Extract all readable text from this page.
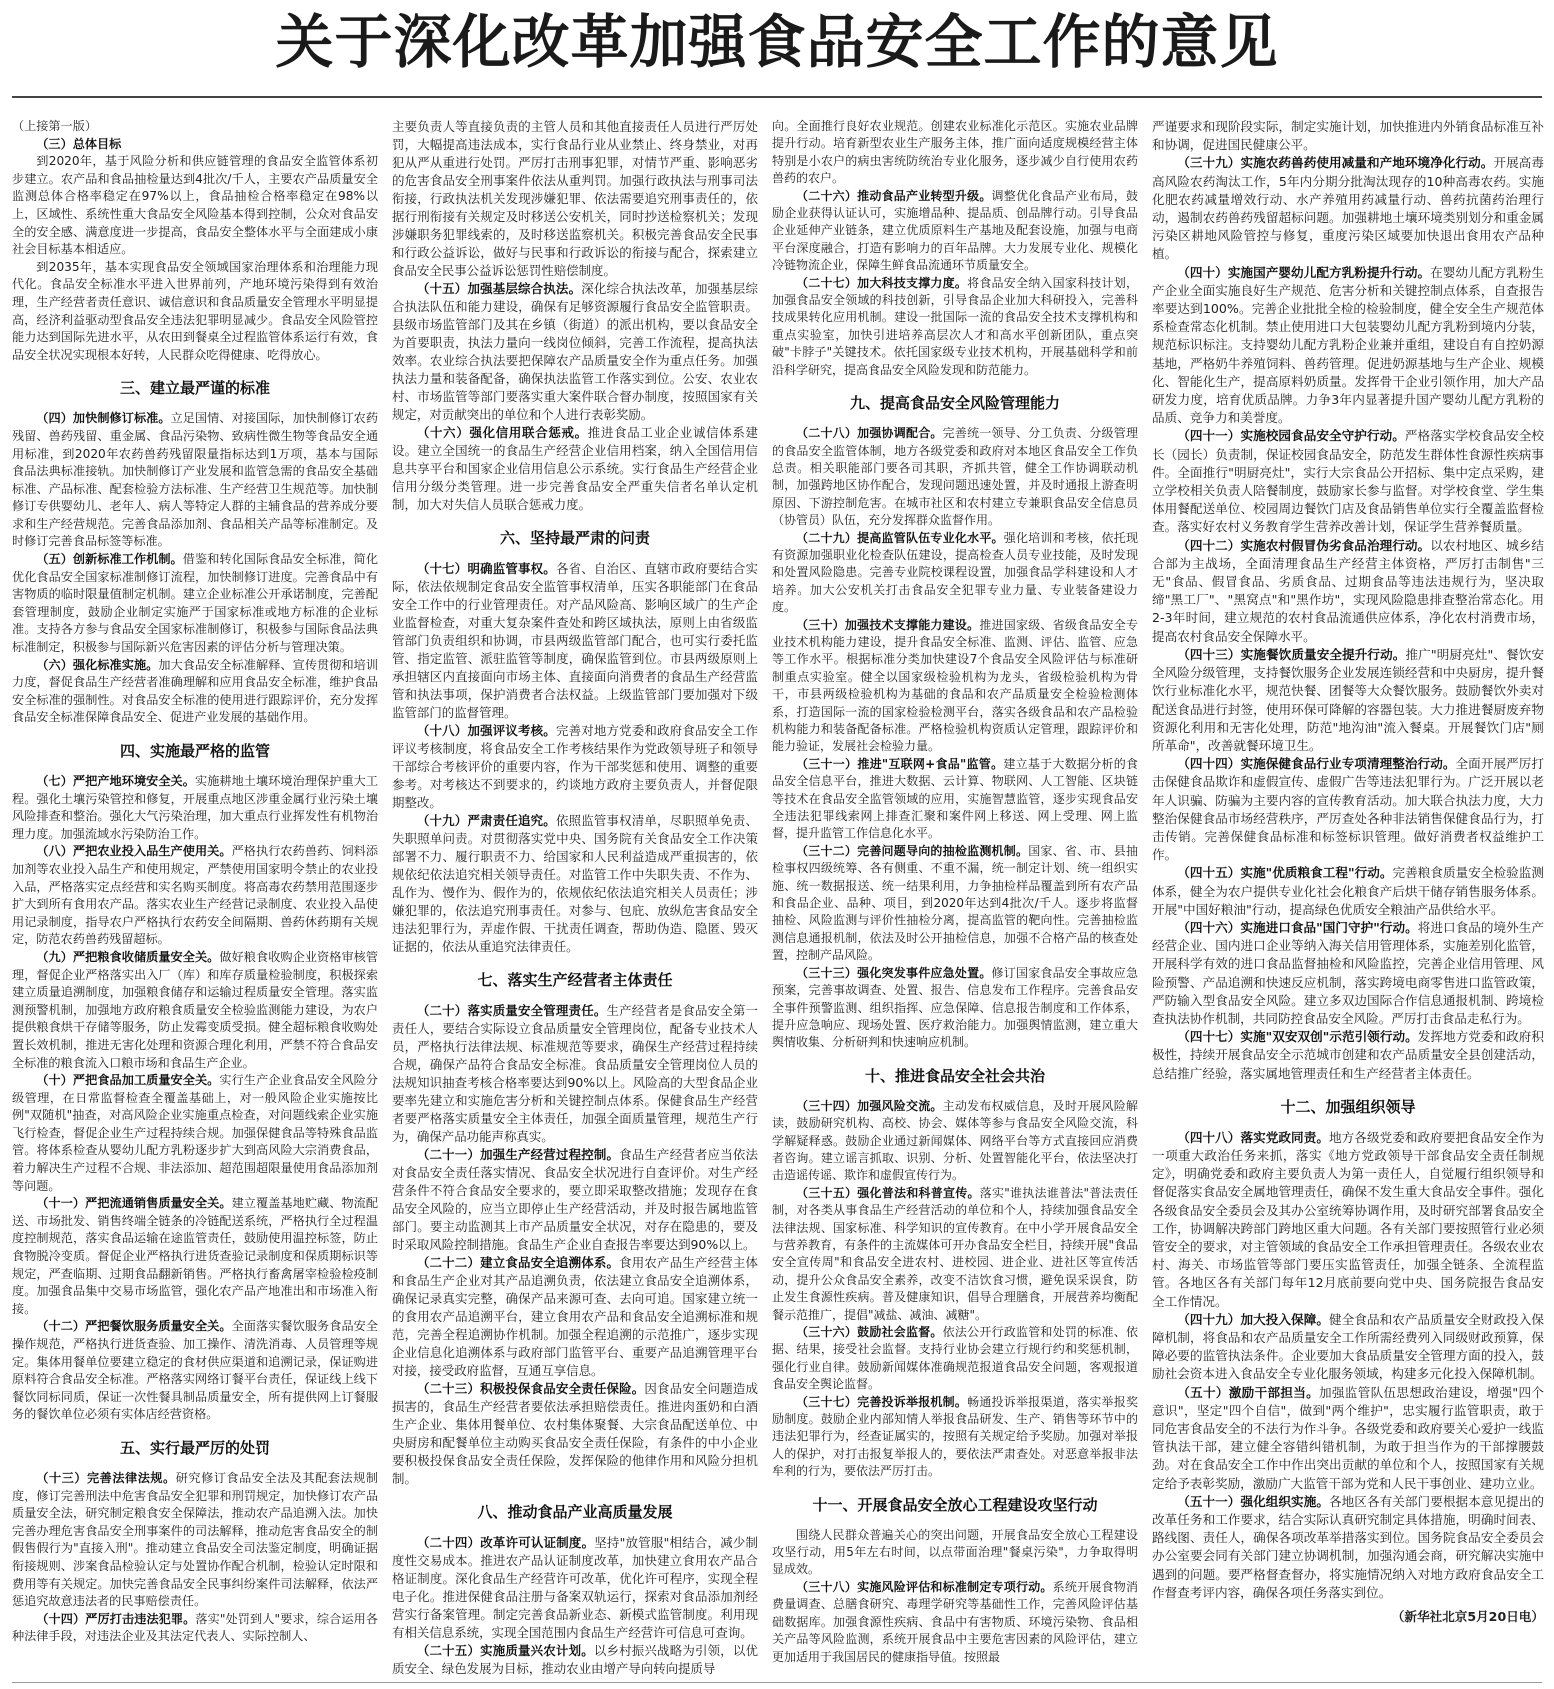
关于深化改革加强食品安全工作的意见

（上接第一版）

（三）总体目标

到2020年，基于风险分析和供应链管理的食品安全监管体系初步建立。农产品和食品抽检量达到4批次/千人，主要农产品质量安全监测总体合格率稳定在97%以上，食品抽检合格率稳定在98%以上，区域性、系统性重大食品安全风险基本得到控制，公众对食品安全的安全感、满意度进一步提高，食品安全整体水平与全面建成小康社会目标基本相适应。

到2035年，基本实现食品安全领域国家治理体系和治理能力现代化。食品安全标准水平进入世界前列，产地环境污染得到有效治理，生产经营者责任意识、诚信意识和食品质量安全管理水平明显提高，经济利益驱动型食品安全违法犯罪明显减少。食品安全风险管控能力达到国际先进水平，从农田到餐桌全过程监管体系运行有效，食品安全状况实现根本好转，人民群众吃得健康、吃得放心。

三、建立最严谨的标准

（四）加快制修订标准。立足国情、对接国际，加快制修订农药残留、兽药残留、重金属、食品污染物、致病性微生物等食品安全通用标准，到2020年农药兽药残留限量指标达到1万项，基本与国际食品法典标准接轨。加快制修订产业发展和监管急需的食品安全基础标准、产品标准、配套检验方法标准、生产经营卫生规范等。加快制修订专供婴幼儿、老年人、病人等特定人群的主辅食品的营养成分要求和生产经营规范。完善食品添加剂、食品相关产品等标准制定。及时修订完善食品标签等标准。

（五）创新标准工作机制。借鉴和转化国际食品安全标准，简化优化食品安全国家标准制修订流程，加快制修订进度。完善食品中有害物质的临时限量值制定机制。建立企业标准公开承诺制度，完善配套管理制度，鼓励企业制定实施严于国家标准或地方标准的企业标准。支持各方参与食品安全国家标准制修订，积极参与国际食品法典标准制定，积极参与国际新兴危害因素的评估分析与管理决策。

（六）强化标准实施。加大食品安全标准解释、宣传贯彻和培训力度，督促食品生产经营者准确理解和应用食品安全标准，维护食品安全标准的强制性。对食品安全标准的使用进行跟踪评价，充分发挥食品安全标准保障食品安全、促进产业发展的基础作用。

四、实施最严格的监管

（七）严把产地环境安全关。实施耕地土壤环境治理保护重大工程。强化土壤污染管控和修复，开展重点地区涉重金属行业污染土壤风险排查和整治。强化大气污染治理，加大重点行业挥发性有机物治理力度。加强流域水污染防治工作。

（八）严把农业投入品生产使用关。严格执行农药兽药、饲料添加剂等农业投入品生产和使用规定，严禁使用国家明令禁止的农业投入品，严格落实定点经营和实名购买制度。将高毒农药禁用范围逐步扩大到所有食用农产品。落实农业生产经营记录制度、农业投入品使用记录制度，指导农户严格执行农药安全间隔期、兽药休药期有关规定，防范农药兽药残留超标。

（九）严把粮食收储质量安全关。做好粮食收购企业资格审核管理，督促企业严格落实出入厂（库）和库存质量检验制度，积极探索建立质量追溯制度，加强粮食储存和运输过程质量安全管理。落实监测预警机制，加强地方政府粮食质量安全检验监测能力建设，为农户提供粮食烘干存储等服务，防止发霉变质受损。健全超标粮食收购处置长效机制，推进无害化处理和资源合理化利用，严禁不符合食品安全标准的粮食流入口粮市场和食品生产企业。

（十）严把食品加工质量安全关。实行生产企业食品安全风险分级管理，在日常监督检查全覆盖基础上，对一般风险企业实施按比例"双随机"抽查，对高风险企业实施重点检查，对问题线索企业实施飞行检查，督促企业生产过程持续合规。加强保健食品等特殊食品监管。将体系检查从婴幼儿配方乳粉逐步扩大到高风险大宗消费食品，着力解决生产过程不合规、非法添加、超范围超限量使用食品添加剂等问题。

（十一）严把流通销售质量安全关。建立覆盖基地贮藏、物流配送、市场批发、销售终端全链条的冷链配送系统，严格执行全过程温度控制规范，落实食品运输在途监管责任，鼓励使用温控标签，防止食物脱冷变质。督促企业严格执行进货查验记录制度和保质期标识等规定，严查临期、过期食品翻新销售。严格执行畜禽屠宰检验检疫制度。加强食品集中交易市场监管，强化农产品产地准出和市场准入衔接。

（十二）严把餐饮服务质量安全关。全面落实餐饮服务食品安全操作规范，严格执行进货查验、加工操作、清洗消毒、人员管理等规定。集体用餐单位要建立稳定的食材供应渠道和追溯记录，保证购进原料符合食品安全标准。严格落实网络订餐平台责任，保证线上线下餐饮同标同质，保证一次性餐具制品质量安全，所有提供网上订餐服务的餐饮单位必须有实体店经营资格。

五、实行最严厉的处罚

（十三）完善法律法规。研究修订食品安全法及其配套法规制度，修订完善刑法中危害食品安全犯罪和刑罚规定，加快修订农产品质量安全法，研究制定粮食安全保障法，推动农产品追溯入法。加快完善办理危害食品安全刑事案件的司法解释，推动危害食品安全的制假售假行为"直接入刑"。推动建立食品安全司法鉴定制度，明确证据衔接规则、涉案食品检验认定与处置协作配合机制，检验认定时限和费用等有关规定。加快完善食品安全民事纠纷案件司法解释，依法严惩追究故意违法者的民事赔偿责任。

（十四）严厉打击违法犯罪。落实"处罚到人"要求，综合运用各种法律手段，对违法企业及其法定代表人、实际控制人、

主要负责人等直接负责的主管人员和其他直接责任人员进行严厉处罚，大幅提高违法成本，实行食品行业从业禁止、终身禁业，对再犯从严从重进行处罚。严厉打击刑事犯罪，对情节严重、影响恶劣的危害食品安全刑事案件依法从重判罚。加强行政执法与刑事司法衔接，行政执法机关发现涉嫌犯罪、依法需要追究刑事责任的，依据行刑衔接有关规定及时移送公安机关，同时抄送检察机关；发现涉嫌职务犯罪线索的，及时移送监察机关。积极完善食品安全民事和行政公益诉讼，做好与民事和行政诉讼的衔接与配合，探索建立食品安全民事公益诉讼惩罚性赔偿制度。

（十五）加强基层综合执法。深化综合执法改革，加强基层综合执法队伍和能力建设，确保有足够资源履行食品安全监管职责。县级市场监管部门及其在乡镇（街道）的派出机构，要以食品安全为首要职责，执法力量向一线岗位倾斜，完善工作流程，提高执法效率。农业综合执法要把保障农产品质量安全作为重点任务。加强执法力量和装备配备，确保执法监管工作落实到位。公安、农业农村、市场监管等部门要落实重大案件联合督办制度，按照国家有关规定，对贡献突出的单位和个人进行表彰奖励。

（十六）强化信用联合惩戒。推进食品工业企业诚信体系建设。建立全国统一的食品生产经营企业信用档案，纳入全国信用信息共享平台和国家企业信用信息公示系统。实行食品生产经营企业信用分级分类管理。进一步完善食品安全严重失信者名单认定机制，加大对失信人员联合惩戒力度。

六、坚持最严肃的问责

（十七）明确监管事权。各省、自治区、直辖市政府要结合实际，依法依规制定食品安全监管事权清单，压实各职能部门在食品安全工作中的行业管理责任。对产品风险高、影响区域广的生产企业监督检查，对重大复杂案件查处和跨区域执法，原则上由省级监管部门负责组织和协调，市县两级监管部门配合，也可实行委托监管、指定监管、派驻监管等制度，确保监管到位。市县两级原则上承担辖区内直接面向市场主体、直接面向消费者的食品生产经营监管和执法事项，保护消费者合法权益。上级监管部门要加强对下级监管部门的监督管理。

（十八）加强评议考核。完善对地方党委和政府食品安全工作评议考核制度，将食品安全工作考核结果作为党政领导班子和领导干部综合考核评价的重要内容，作为干部奖惩和使用、调整的重要参考。对考核达不到要求的，约谈地方政府主要负责人，并督促限期整改。

（十九）严肃责任追究。依照监管事权清单，尽职照单免责、失职照单问责。对贯彻落实党中央、国务院有关食品安全工作决策部署不力、履行职责不力、给国家和人民利益造成严重损害的，依规依纪依法追究相关领导责任。对监管工作中失职失责、不作为、乱作为、慢作为、假作为的，依规依纪依法追究相关人员责任；涉嫌犯罪的，依法追究刑事责任。对参与、包庇、放纵危害食品安全违法犯罪行为，弄虚作假、干扰责任调查，帮助伪造、隐匿、毁灭证据的，依法从重追究法律责任。

七、落实生产经营者主体责任

（二十）落实质量安全管理责任。生产经营者是食品安全第一责任人，要结合实际设立食品质量安全管理岗位，配备专业技术人员，严格执行法律法规、标准规范等要求，确保生产经营过程持续合规，确保产品符合食品安全标准。食品质量安全管理岗位人员的法规知识抽查考核合格率要达到90%以上。风险高的大型食品企业要率先建立和实施危害分析和关键控制点体系。保健食品生产经营者要严格落实质量安全主体责任，加强全面质量管理，规范生产行为，确保产品功能声称真实。

（二十一）加强生产经营过程控制。食品生产经营者应当依法对食品安全责任落实情况、食品安全状况进行自查评价。对生产经营条件不符合食品安全要求的，要立即采取整改措施；发现存在食品安全风险的，应当立即停止生产经营活动，并及时报告属地监管部门。要主动监测其上市产品质量安全状况，对存在隐患的，要及时采取风险控制措施。食品生产企业自查报告率要达到90%以上。

（二十二）建立食品安全追溯体系。食用农产品生产经营主体和食品生产企业对其产品追溯负责，依法建立食品安全追溯体系，确保记录真实完整，确保产品来源可查、去向可追。国家建立统一的食用农产品追溯平台，建立食用农产品和食品安全追溯标准和规范，完善全程追溯协作机制。加强全程追溯的示范推广，逐步实现企业信息化追溯体系与政府部门监管平台、重要产品追溯管理平台对接，接受政府监督，互通互享信息。

（二十三）积极投保食品安全责任保险。因食品安全问题造成损害的，食品生产经营者要依法承担赔偿责任。推进肉蛋奶和白酒生产企业、集体用餐单位、农村集体聚餐、大宗食品配送单位、中央厨房和配餐单位主动购买食品安全责任保险，有条件的中小企业要积极投保食品安全责任保险，发挥保险的他律作用和风险分担机制。

八、推动食品产业高质量发展

（二十四）改革许可认证制度。坚持"放管服"相结合，减少制度性交易成本。推进农产品认证制度改革，加快建立食用农产品合格证制度。深化食品生产经营许可改革，优化许可程序，实现全程电子化。推进保健食品注册与备案双轨运行，探索对食品添加剂经营实行备案管理。制定完善食品新业态、新模式监管制度。利用现有相关信息系统，实现全国范围内食品生产经营许可信息可查询。

（二十五）实施质量兴农计划。以乡村振兴战略为引领，以优质安全、绿色发展为目标，推动农业由增产导向转向提质导

向。全面推行良好农业规范。创建农业标准化示范区。实施农业品牌提升行动。培育新型农业生产服务主体，推广面向适度规模经营主体特别是小农户的病虫害统防统治专业化服务，逐步减少自行使用农药兽药的农户。

（二十六）推动食品产业转型升级。调整优化食品产业布局，鼓励企业获得认证认可，实施增品种、提品质、创品牌行动。引导食品企业延伸产业链条，建立优质原料生产基地及配套设施，加强与电商平台深度融合，打造有影响力的百年品牌。大力发展专业化、规模化冷链物流企业，保障生鲜食品流通环节质量安全。

（二十七）加大科技支撑力度。将食品安全纳入国家科技计划，加强食品安全领域的科技创新，引导食品企业加大科研投入，完善科技成果转化应用机制。建设一批国际一流的食品安全技术支撑机构和重点实验室，加快引进培养高层次人才和高水平创新团队，重点突破"卡脖子"关键技术。依托国家级专业技术机构，开展基础科学和前沿科学研究，提高食品安全风险发现和防范能力。

九、提高食品安全风险管理能力

（二十八）加强协调配合。完善统一领导、分工负责、分级管理的食品安全监管体制，地方各级党委和政府对本地区食品安全工作负总责。相关职能部门要各司其职，齐抓共管，健全工作协调联动机制，加强跨地区协作配合，发现问题迅速处置，并及时通报上游查明原因、下游控制危害。在城市社区和农村建立专兼职食品安全信息员（协管员）队伍，充分发挥群众监督作用。

（二十九）提高监管队伍专业化水平。强化培训和考核，依托现有资源加强职业化检查队伍建设，提高检查人员专业技能，及时发现和处置风险隐患。完善专业院校课程设置，加强食品学科建设和人才培养。加大公安机关打击食品安全犯罪专业力量、专业装备建设力度。

（三十）加强技术支撑能力建设。推进国家级、省级食品安全专业技术机构能力建设，提升食品安全标准、监测、评估、监管、应急等工作水平。根据标准分类加快建设7个食品安全风险评估与标准研制重点实验室。健全以国家级检验机构为龙头，省级检验机构为骨干，市县两级检验机构为基础的食品和农产品质量安全检验检测体系，打造国际一流的国家检验检测平台，落实各级食品和农产品检验机构能力和装备配备标准。严格检验机构资质认定管理，跟踪评价和能力验证，发展社会检验力量。

（三十一）推进"互联网+食品"监管。建立基于大数据分析的食品安全信息平台，推进大数据、云计算、物联网、人工智能、区块链等技术在食品安全监管领域的应用，实施智慧监管，逐步实现食品安全违法犯罪线索网上排查汇聚和案件网上移送、网上受理、网上监督，提升监管工作信息化水平。

（三十二）完善问题导向的抽检监测机制。国家、省、市、县抽检事权四级统筹、各有侧重、不重不漏，统一制定计划、统一组织实施、统一数据报送、统一结果利用，力争抽检样品覆盖到所有农产品和食品企业、品种、项目，到2020年达到4批次/千人。逐步将监督抽检、风险监测与评价性抽检分离，提高监管的靶向性。完善抽检监测信息通报机制，依法及时公开抽检信息，加强不合格产品的核查处置，控制产品风险。

（三十三）强化突发事件应急处置。修订国家食品安全事故应急预案，完善事故调查、处置、报告、信息发布工作程序。完善食品安全事件预警监测、组织指挥、应急保障、信息报告制度和工作体系，提升应急响应、现场处置、医疗救治能力。加强舆情监测，建立重大舆情收集、分析研判和快速响应机制。

十、推进食品安全社会共治

（三十四）加强风险交流。主动发布权威信息，及时开展风险解读，鼓励研究机构、高校、协会、媒体等参与食品安全风险交流，科学解疑释惑。鼓励企业通过新闻媒体、网络平台等方式直接回应消费者咨询。建立谣言抓取、识别、分析、处置智能化平台，依法坚决打击造谣传谣、欺诈和虚假宣传行为。

（三十五）强化普法和科普宣传。落实"谁执法谁普法"普法责任制，对各类从事食品生产经营活动的单位和个人，持续加强食品安全法律法规、国家标准、科学知识的宣传教育。在中小学开展食品安全与营养教育，有条件的主流媒体可开办食品安全栏目，持续开展"食品安全宣传周"和食品安全进农村、进校园、进企业、进社区等宣传活动，提升公众食品安全素养，改变不洁饮食习惯，避免误采误食，防止发生食源性疾病。普及健康知识，倡导合理膳食，开展营养均衡配餐示范推广，提倡"减盐、减油、减糖"。

（三十六）鼓励社会监督。依法公开行政监管和处罚的标准、依据、结果，接受社会监督。支持行业协会建立行规行约和奖惩机制，强化行业自律。鼓励新闻媒体准确规范报道食品安全问题，客观报道食品安全舆论监督。

（三十七）完善投诉举报机制。畅通投诉举报渠道，落实举报奖励制度。鼓励企业内部知情人举报食品研发、生产、销售等环节中的违法犯罪行为，经查证属实的，按照有关规定给予奖励。加强对举报人的保护，对打击报复举报人的，要依法严肃查处。对恶意举报非法牟利的行为，要依法严厉打击。

十一、开展食品安全放心工程建设攻坚行动

围绕人民群众普遍关心的突出问题，开展食品安全放心工程建设攻坚行动，用5年左右时间，以点带面治理"餐桌污染"，力争取得明显成效。

（三十八）实施风险评估和标准制定专项行动。系统开展食物消费量调查、总膳食研究、毒理学研究等基础性工作，完善风险评估基础数据库。加强食源性疾病、食品中有害物质、环境污染物、食品相关产品等风险监测，系统开展食品中主要危害因素的风险评估，建立更加适用于我国居民的健康指导值。按照最

严谨要求和现阶段实际，制定实施计划，加快推进内外销食品标准互补和协调，促进国民健康公平。

（三十九）实施农药兽药使用减量和产地环境净化行动。开展高毒高风险农药淘汰工作，5年内分期分批淘汰现存的10种高毒农药。实施化肥农药减量增效行动、水产养殖用药减量行动、兽药抗菌药治理行动，遏制农药兽药残留超标问题。加强耕地土壤环境类别划分和重金属污染区耕地风险管控与修复，重度污染区域要加快退出食用农产品种植。

（四十）实施国产婴幼儿配方乳粉提升行动。在婴幼儿配方乳粉生产企业全面实施良好生产规范、危害分析和关键控制点体系，自查报告率要达到100%。完善企业批批全检的检验制度，健全安全生产规范体系检查常态化机制。禁止使用进口大包装婴幼儿配方乳粉到境内分装，规范标识标注。支持婴幼儿配方乳粉企业兼并重组，建设自有自控奶源基地，严格奶牛养殖饲料、兽药管理。促进奶源基地与生产企业、规模化、智能化生产，提高原料奶质量。发挥骨干企业引领作用，加大产品研发力度，培育优质品牌。力争3年内显著提升国产婴幼儿配方乳粉的品质、竞争力和美誉度。

（四十一）实施校园食品安全守护行动。严格落实学校食品安全校长（园长）负责制，保证校园食品安全，防范发生群体性食源性疾病事件。全面推行"明厨亮灶"，实行大宗食品公开招标、集中定点采购，建立学校相关负责人陪餐制度，鼓励家长参与监督。对学校食堂、学生集体用餐配送单位、校园周边餐饮门店及食品销售单位实行全覆盖监督检查。落实好农村义务教育学生营养改善计划，保证学生营养餐质量。

（四十二）实施农村假冒伪劣食品治理行动。以农村地区、城乡结合部为主战场，全面清理食品生产经营主体资格，严厉打击制售"三无"食品、假冒食品、劣质食品、过期食品等违法违规行为，坚决取缔"黑工厂"、"黑窝点"和"黑作坊"，实现风险隐患排查整治常态化。用2-3年时间，建立规范的农村食品流通供应体系，净化农村消费市场，提高农村食品安全保障水平。

（四十三）实施餐饮质量安全提升行动。推广"明厨亮灶"、餐饮安全风险分级管理，支持餐饮服务企业发展连锁经营和中央厨房，提升餐饮行业标准化水平，规范快餐、团餐等大众餐饮服务。鼓励餐饮外卖对配送食品进行封签，使用环保可降解的容器包装。大力推进餐厨废弃物资源化利用和无害化处理，防范"地沟油"流入餐桌。开展餐饮门店"厕所革命"，改善就餐环境卫生。

（四十四）实施保健食品行业专项清理整治行动。全面开展严厉打击保健食品欺诈和虚假宣传、虚假广告等违法犯罪行为。广泛开展以老年人识骗、防骗为主要内容的宣传教育活动。加大联合执法力度，大力整治保健食品市场经营秩序，严厉查处各种非法销售保健食品行为，打击传销。完善保健食品标准和标签标识管理。做好消费者权益维护工作。

（四十五）实施"优质粮食工程"行动。完善粮食质量安全检验监测体系，健全为农户提供专业化社会化粮食产后烘干储存销售服务体系。开展"中国好粮油"行动，提高绿色优质安全粮油产品供给水平。

（四十六）实施进口食品"国门守护"行动。将进口食品的境外生产经营企业、国内进口企业等纳入海关信用管理体系，实施差别化监管，开展科学有效的进口食品监督抽检和风险监控，完善企业信用管理、风险预警、产品追溯和快速反应机制，落实跨境电商零售进口监管政策，严防输入型食品安全风险。建立多双边国际合作信息通报机制、跨境检查执法协作机制，共同防控食品安全风险。严厉打击食品走私行为。

（四十七）实施"双安双创"示范引领行动。发挥地方党委和政府积极性，持续开展食品安全示范城市创建和农产品质量安全县创建活动，总结推广经验，落实属地管理责任和生产经营者主体责任。

十二、加强组织领导

（四十八）落实党政同责。地方各级党委和政府要把食品安全作为一项重大政治任务来抓，落实《地方党政领导干部食品安全责任制规定》，明确党委和政府主要负责人为第一责任人，自觉履行组织领导和督促落实食品安全属地管理责任，确保不发生重大食品安全事件。强化各级食品安全委员会及其办公室统筹协调作用，及时研究部署食品安全工作，协调解决跨部门跨地区重大问题。各有关部门要按照管行业必须管安全的要求，对主管领域的食品安全工作承担管理责任。各级农业农村、海关、市场监管等部门要压实监管责任，加强全链条、全流程监管。各地区各有关部门每年12月底前要向党中央、国务院报告食品安全工作情况。

（四十九）加大投入保障。健全食品和农产品质量安全财政投入保障机制，将食品和农产品质量安全工作所需经费列入同级财政预算，保障必要的监管执法条件。企业要加大食品质量安全管理方面的投入，鼓励社会资本进入食品安全专业化服务领域，构建多元化投入保障机制。

（五十）激励干部担当。加强监管队伍思想政治建设，增强"四个意识"，坚定"四个自信"，做到"两个维护"，忠实履行监管职责，敢于同危害食品安全的不法行为作斗争。各级党委和政府要关心爱护一线监管执法干部，建立健全容错纠错机制，为敢于担当作为的干部撑腰鼓劲。对在食品安全工作中作出突出贡献的单位和个人，按照国家有关规定给予表彰奖励，激励广大监管干部为党和人民干事创业、建功立业。

（五十一）强化组织实施。各地区各有关部门要根据本意见提出的改革任务和工作要求，结合实际认真研究制定具体措施，明确时间表、路线图、责任人，确保各项改革举措落实到位。国务院食品安全委员会办公室要会同有关部门建立协调机制，加强沟通会商，研究解决实施中遇到的问题。要严格督查督办，将实施情况纳入对地方政府食品安全工作督查考评内容，确保各项任务落实到位。

（新华社北京5月20日电）
